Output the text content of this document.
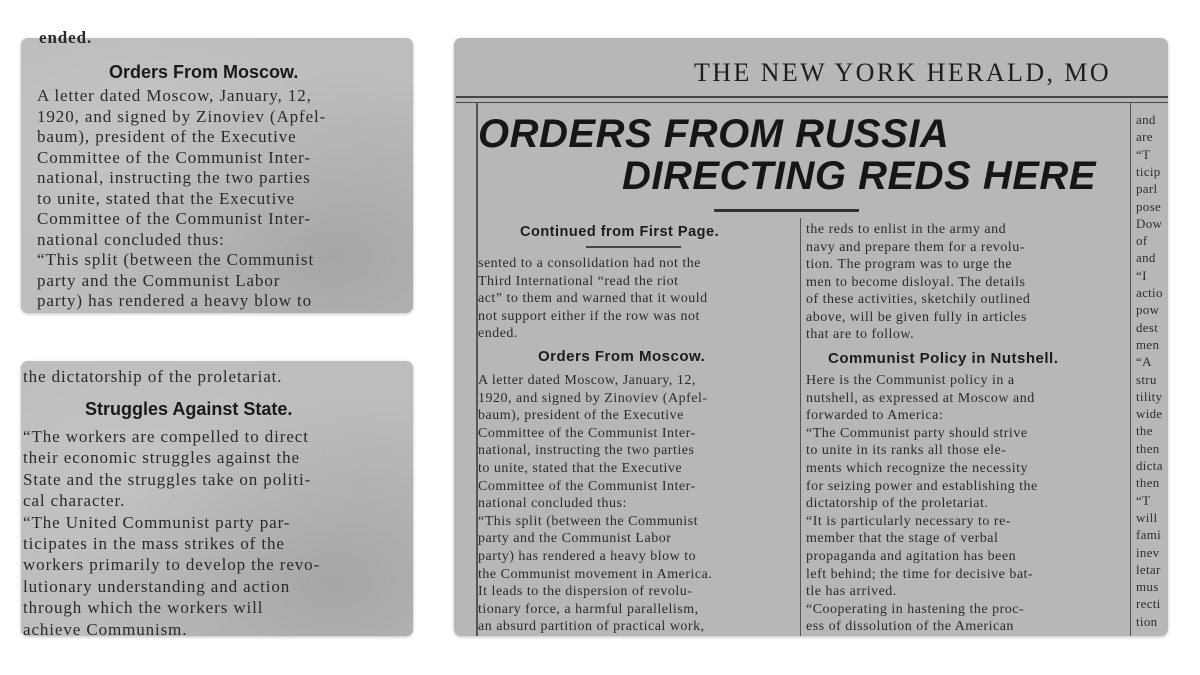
ended.
Orders From Moscow.
A letter dated Moscow, January, 12,
1920, and signed by Zinoviev (Apfel-
baum), president of the Executive
Committee of the Communist Inter-
national, instructing the two parties
to unite, stated that the Executive
Committee of the Communist Inter-
national concluded thus:
“This split (between the Communist
party and the Communist Labor
party) has rendered a heavy blow to
the dictatorship of the proletariat.
Struggles Against State.
“The workers are compelled to direct
their economic struggles against the
State and the struggles take on politi-
cal character.
“The United Communist party par-
ticipates in the mass strikes of the
workers primarily to develop the revo-
lutionary understanding and action
through which the workers will
achieve Communism.
THE NEW YORK HERALD, MO
ORDERS FROM RUSSIA
DIRECTING REDS HERE
Continued from First Page.
sented to a consolidation had not the
Third International “read the riot
act” to them and warned that it would
not support either if the row was not
ended.
Orders From Moscow.
A letter dated Moscow, January, 12,
1920, and signed by Zinoviev (Apfel-
baum), president of the Executive
Committee of the Communist Inter-
national, instructing the two parties
to unite, stated that the Executive
Committee of the Communist Inter-
national concluded thus:
“This split (between the Communist
party and the Communist Labor
party) has rendered a heavy blow to
the Communist movement in America.
It leads to the dispersion of revolu-
tionary force, a harmful parallelism,
an absurd partition of practical work,
the reds to enlist in the army and
navy and prepare them for a revolu-
tion. The program was to urge the
men to become disloyal. The details
of these activities, sketchily outlined
above, will be given fully in articles
that are to follow.
Communist Policy in Nutshell.
Here is the Communist policy in a
nutshell, as expressed at Moscow and
forwarded to America:
“The Communist party should strive
to unite in its ranks all those ele-
ments which recognize the necessity
for seizing power and establishing the
dictatorship of the proletariat.
“It is particularly necessary to re-
member that the stage of verbal
propaganda and agitation has been
left behind; the time for decisive bat-
tle has arrived.
“Cooperating in hastening the proc-
ess of dissolution of the American
and
are
“T
ticip
parl
pose
Dow
of
and
“I
actio
pow
dest
men
“A
stru
tility
wide
the
then
dicta
then
“T
will
fami
inev
letar
mus
recti
tion
